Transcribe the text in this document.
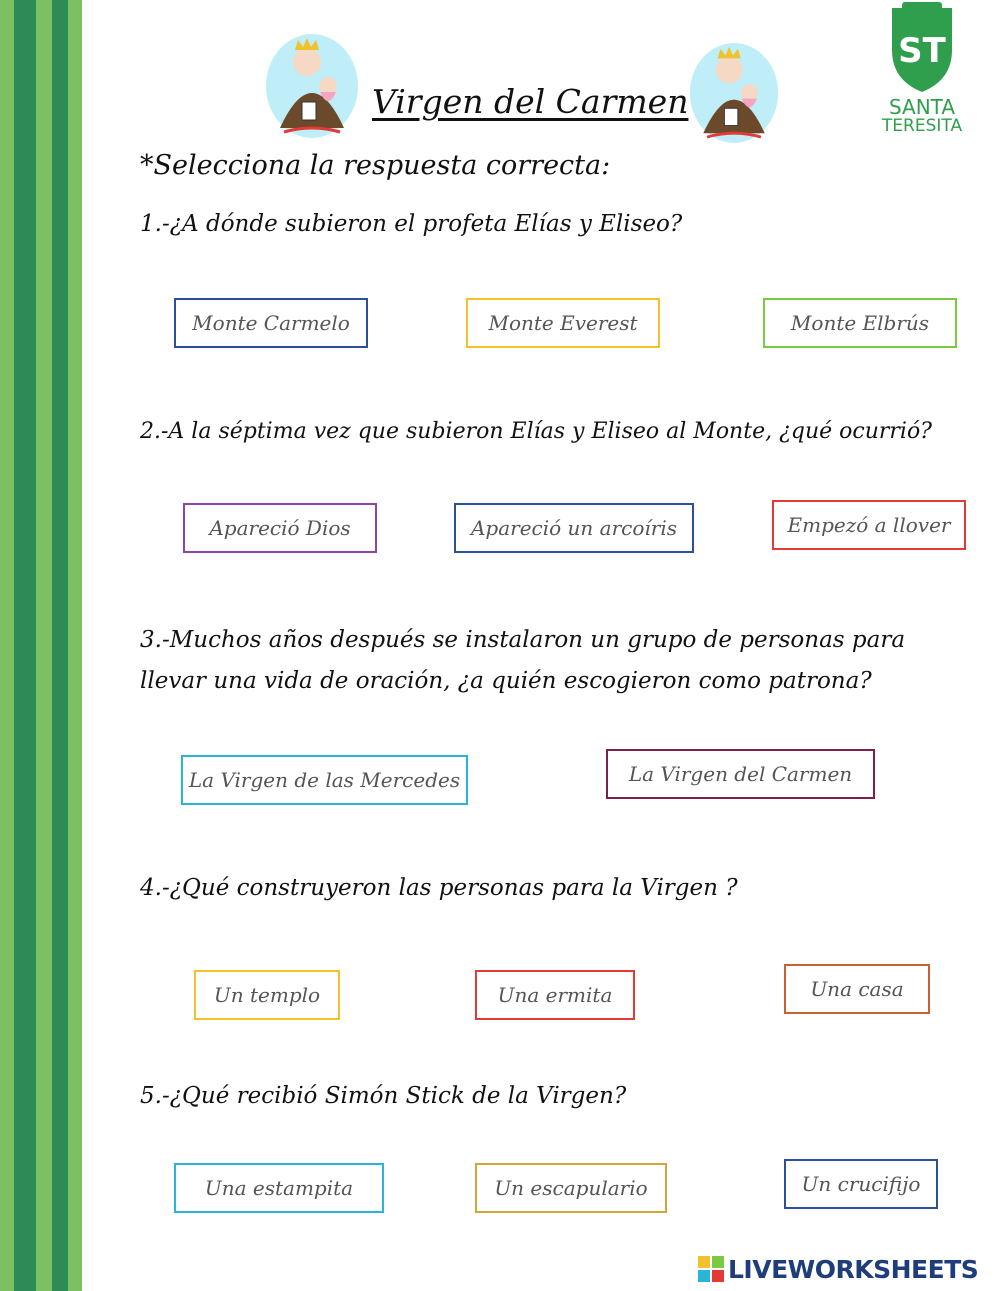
Virgen del Carmen
ST
SANTA
TERESITA
*Selecciona la respuesta correcta:
1.-¿A dónde subieron el profeta Elías y Eliseo?
Monte Carmelo	Monte Everest	Monte Elbrús
2.-A la séptima vez que subieron Elías y Eliseo al Monte, ¿qué ocurrió?
Apareció Dios	Apareció un arcoíris	Empezó a llover
3.-Muchos años después se instalaron un grupo de personas para
llevar una vida de oración, ¿a quién escogieron como patrona?
La Virgen de las Mercedes	La Virgen del Carmen
4.-¿Qué construyeron las personas para la Virgen ?
Un templo	Una ermita	Una casa
5.-¿Qué recibió Simón Stick de la Virgen?
Una estampita	Un escapulario	Un crucifijo
LIVEWORKSHEETS
